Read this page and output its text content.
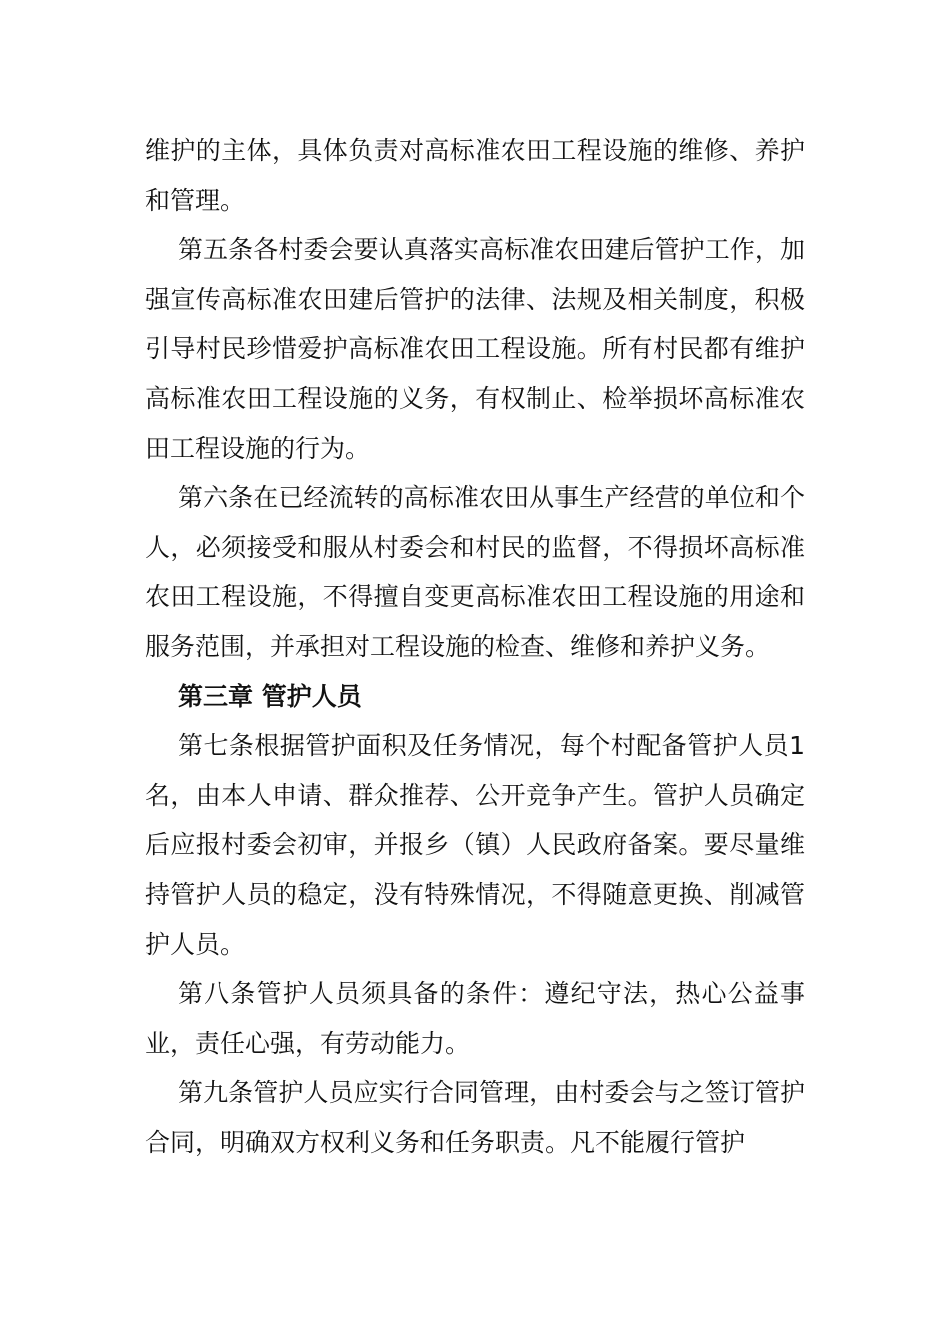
维护的主体，具体负责对高标准农田工程设施的维修、养护和管理。

第五条各村委会要认真落实高标准农田建后管护工作，加强宣传高标准农田建后管护的法律、法规及相关制度，积极引导村民珍惜爱护高标准农田工程设施。所有村民都有维护高标准农田工程设施的义务，有权制止、检举损坏高标准农田工程设施的行为。

第六条在已经流转的高标准农田从事生产经营的单位和个人，必须接受和服从村委会和村民的监督，不得损坏高标准农田工程设施，不得擅自变更高标准农田工程设施的用途和服务范围，并承担对工程设施的检查、维修和养护义务。

第三章 管护人员

第七条根据管护面积及任务情况，每个村配备管护人员1名，由本人申请、群众推荐、公开竞争产生。管护人员确定后应报村委会初审，并报乡（镇）人民政府备案。要尽量维持管护人员的稳定，没有特殊情况，不得随意更换、削减管护人员。

第八条管护人员须具备的条件：遵纪守法，热心公益事业，责任心强，有劳动能力。

第九条管护人员应实行合同管理，由村委会与之签订管护合同，明确双方权利义务和任务职责。凡不能履行管护
